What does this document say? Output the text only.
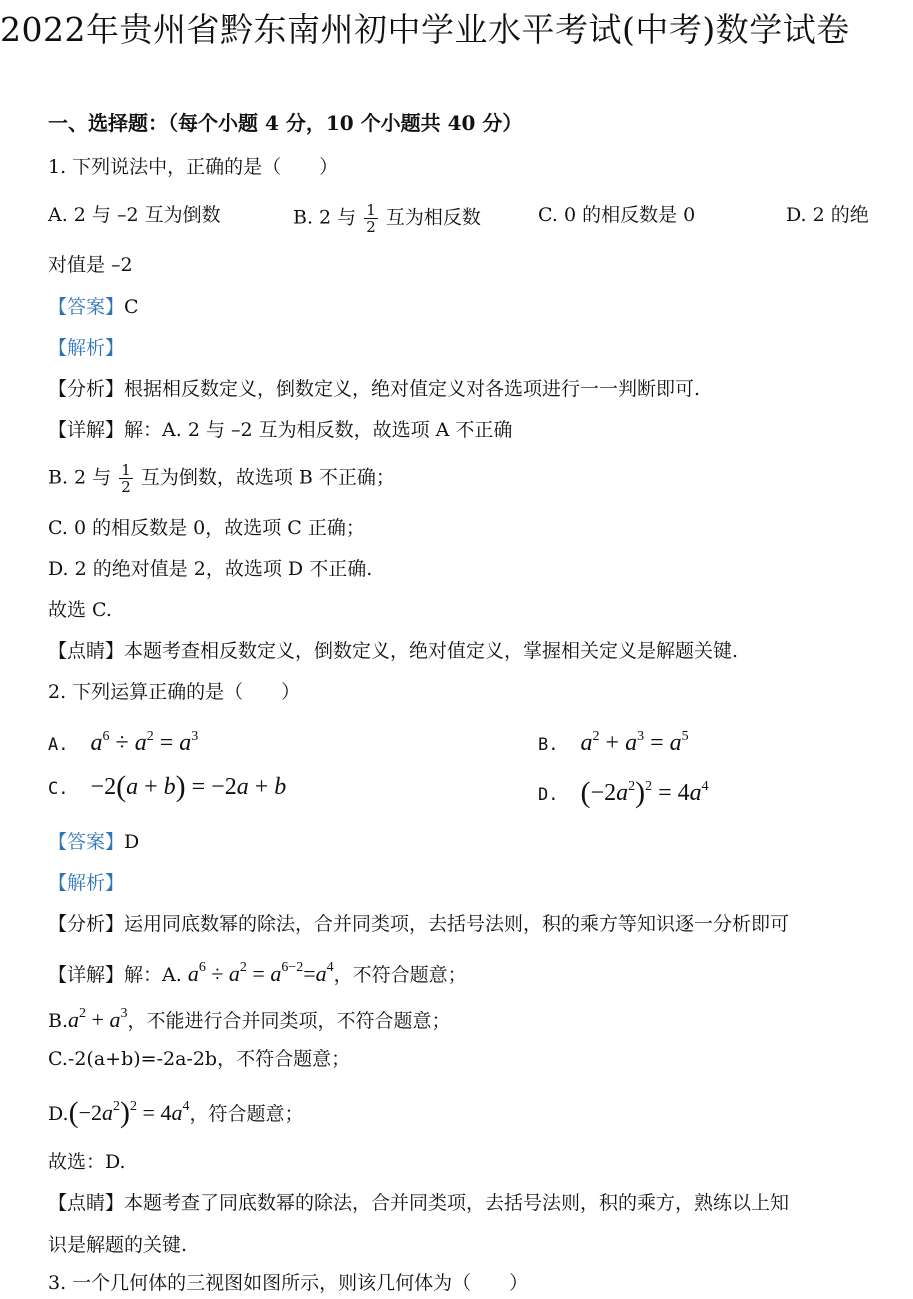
2022年贵州省黔东南州初中学业水平考试(中考)数学试卷
一、选择题：（每个小题 4 分，10 个小题共 40 分）
1. 下列说法中，正确的是（　　）
A. 2 与 –2 互为倒数	B. 2 与 $\frac{1}{2}$ 互为相反数	C. 0 的相反数是 0	D. 2 的绝
对值是 –2
【答案】C
【解析】
【分析】根据相反数定义，倒数定义，绝对值定义对各选项进行一一判断即可.
【详解】解：A. 2 与 –2 互为相反数，故选项 A 不正确
B. 2 与 $\frac{1}{2}$ 互为倒数，故选项 B 不正确；
C. 0 的相反数是 0，故选项 C 正确；
D. 2 的绝对值是 2，故选项 D 不正确.
故选 C.
【点睛】本题考查相反数定义，倒数定义，绝对值定义，掌握相关定义是解题关键.
2. 下列运算正确的是（　　）
A. $a^6 \div a^2 = a^3$	B. $a^2 + a^3 = a^5$
C. −2(a + b) = −2a + b	D. $(-2a^2)^2 = 4a^4$
【答案】D
【解析】
【分析】运用同底数幂的除法，合并同类项，去括号法则，积的乘方等知识逐一分析即可
【详解】解：A. $a^6 \div a^2 = a^{6-2}=a^4$，不符合题意；
$B.a^2 + a^3$，不能进行合并同类项，不符合题意；
C.-2(a+b)=-2a-2b，不符合题意；
$D.(-2a^2)^2 = 4a^4$，符合题意；
故选：D.
【点睛】本题考查了同底数幂的除法，合并同类项，去括号法则，积的乘方，熟练以上知
识是解题的关键.
3. 一个几何体的三视图如图所示，则该几何体为（　　）
